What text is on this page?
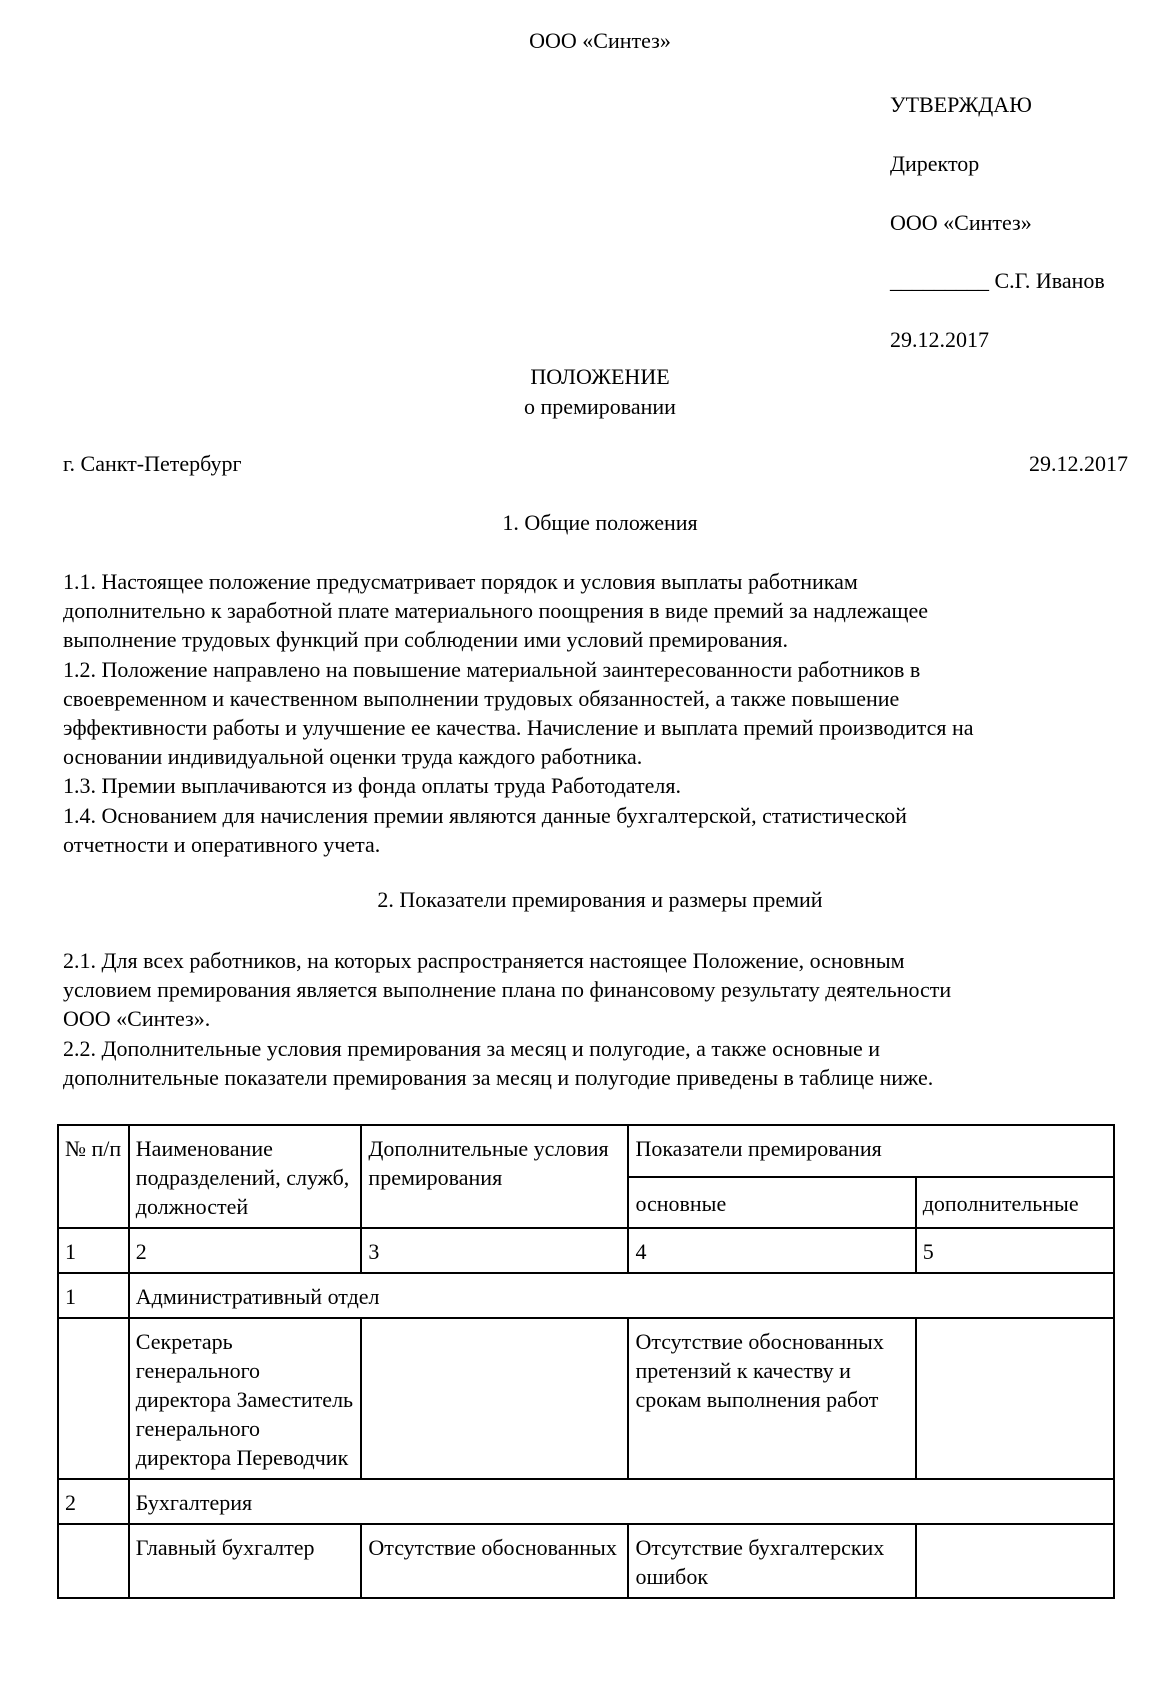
ООО «Синтез»
УТВЕРЖДАЮ
Директор
ООО «Синтез»
_________ С.Г. Иванов
29.12.2017
ПОЛОЖЕНИЕ
о премировании
г. Санкт-Петербург	29.12.2017
1. Общие положения

1.1. Настоящее положение предусматривает порядок и условия выплаты работникам

дополнительно к заработной плате материального поощрения в виде премий за надлежащее

выполнение трудовых функций при соблюдении ими условий премирования.

1.2. Положение направлено на повышение материальной заинтересованности работников в

своевременном и качественном выполнении трудовых обязанностей, а также повышение

эффективности работы и улучшение ее качества. Начисление и выплата премий производится на

основании индивидуальной оценки труда каждого работника.

1.3. Премии выплачиваются из фонда оплаты труда Работодателя.

1.4. Основанием для начисления премии являются данные бухгалтерской, статистической

отчетности и оперативного учета.

2. Показатели премирования и размеры премий

2.1. Для всех работников, на которых распространяется настоящее Положение, основным

условием премирования является выполнение плана по финансовому результату деятельности

ООО «Синтез».

2.2. Дополнительные условия премирования за месяц и полугодие, а также основные и

дополнительные показатели премирования за месяц и полугодие приведены в таблице ниже.

№ п/п	Наименование подразделений, служб, должностей	Дополнительные условия премирования	Показатели премирования	
			основные	дополнительные
1	2	3	4	5
1	Административный отдел			
	Секретарь генерального директора Заместитель генерального директора Переводчик		Отсутствие обоснованных претензий к качеству и срокам выполнения работ	
2	Бухгалтерия			
	Главный бухгалтер	Отсутствие обоснованных	Отсутствие бухгалтерских ошибок	
